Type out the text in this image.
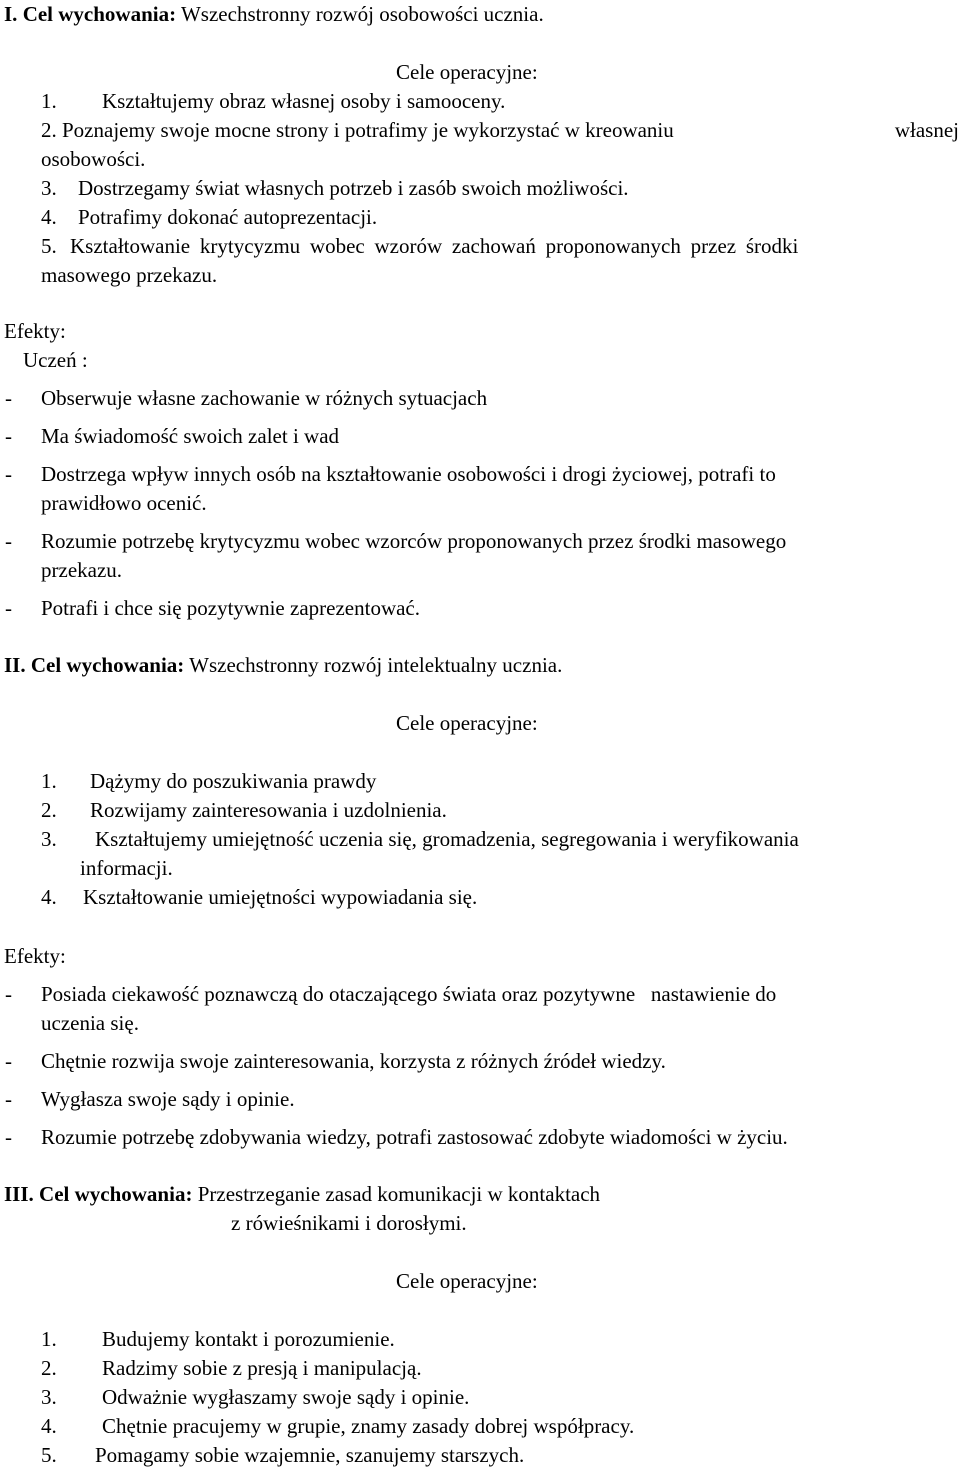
I. Cel wychowania: Wszechstronny rozwój osobowości ucznia.
Cele operacyjne:
1. Kształtujemy obraz własnej osoby i samooceny.
2. Poznajemy swoje mocne strony i potrafimy je wykorzystać w kreowaniu	własnej
osobowości.
3. Dostrzegamy świat własnych potrzeb i zasób swoich możliwości.
4. Potrafimy dokonać autoprezentacji.
5. Kształtowanie krytycyzmu wobec wzorów zachowań proponowanych przez środki
masowego przekazu.
Efekty:
Uczeń :
- Obserwuje własne zachowanie w różnych sytuacjach
- Ma świadomość swoich zalet i wad
- Dostrzega wpływ innych osób na kształtowanie osobowości i drogi życiowej, potrafi to
prawidłowo ocenić.
- Rozumie potrzebę krytycyzmu wobec wzorców proponowanych przez środki masowego
przekazu.
- Potrafi i chce się pozytywnie zaprezentować.
II. Cel wychowania: Wszechstronny rozwój intelektualny ucznia.
Cele operacyjne:
1. Dążymy do poszukiwania prawdy
2. Rozwijamy zainteresowania i uzdolnienia.
3. Kształtujemy umiejętność uczenia się, gromadzenia, segregowania i weryfikowania
informacji.
4. Kształtowanie umiejętności wypowiadania się.
Efekty:
- Posiada ciekawość poznawczą do otaczającego świata oraz pozytywne   nastawienie do
uczenia się.
- Chętnie rozwija swoje zainteresowania, korzysta z różnych źródeł wiedzy.
- Wygłasza swoje sądy i opinie.
- Rozumie potrzebę zdobywania wiedzy, potrafi zastosować zdobyte wiadomości w życiu.
III. Cel wychowania: Przestrzeganie zasad komunikacji w kontaktach
z rówieśnikami i dorosłymi.
Cele operacyjne:
1. Budujemy kontakt i porozumienie.
2. Radzimy sobie z presją i manipulacją.
3. Odważnie wygłaszamy swoje sądy i opinie.
4. Chętnie pracujemy w grupie, znamy zasady dobrej współpracy.
5. Pomagamy sobie wzajemnie, szanujemy starszych.
